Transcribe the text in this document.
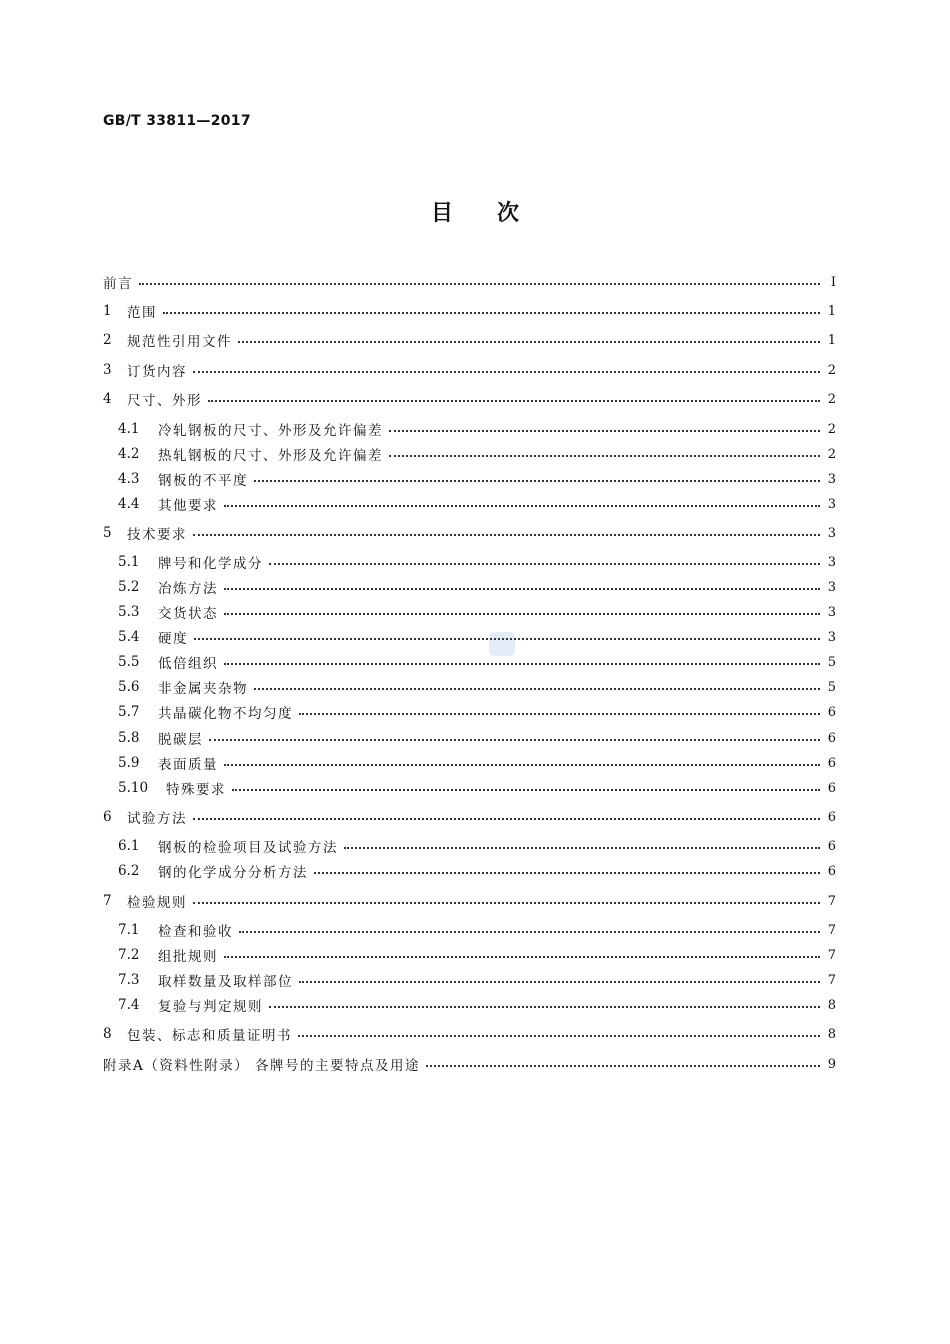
GB/T 33811—2017
目 次
前言	Ⅰ
1	范围	1
2	规范性引用文件	1
3	订货内容	2
4	尺寸、外形	2
4.1	冷轧钢板的尺寸、外形及允许偏差	2
4.2	热轧钢板的尺寸、外形及允许偏差	2
4.3	钢板的不平度	3
4.4	其他要求	3
5	技术要求	3
5.1	牌号和化学成分	3
5.2	冶炼方法	3
5.3	交货状态	3
5.4	硬度	3
5.5	低倍组织	5
5.6	非金属夹杂物	5
5.7	共晶碳化物不均匀度	6
5.8	脱碳层	6
5.9	表面质量	6
5.10	特殊要求	6
6	试验方法	6
6.1	钢板的检验项目及试验方法	6
6.2	钢的化学成分分析方法	6
7	检验规则	7
7.1	检查和验收	7
7.2	组批规则	7
7.3	取样数量及取样部位	7
7.4	复验与判定规则	8
8	包装、标志和质量证明书	8
附录A（资料性附录） 各牌号的主要特点及用途	9
